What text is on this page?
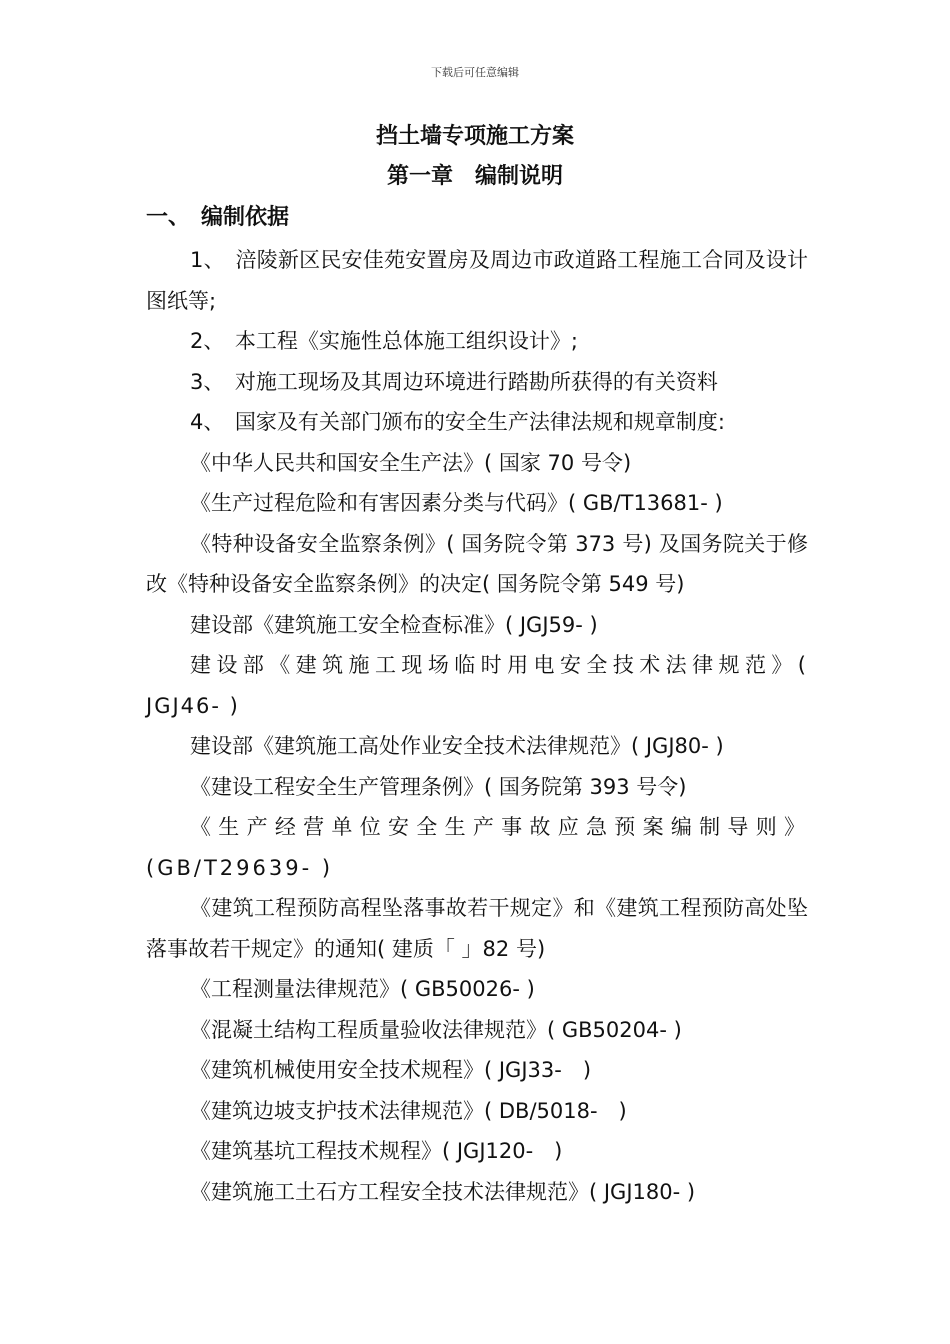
下载后可任意编辑
挡土墙专项施工方案
第一章　编制说明
一、　编制依据

1、　涪陵新区民安佳苑安置房及周边市政道路工程施工合同及设计图纸等;

2、　本工程《实施性总体施工组织设计》;

3、　对施工现场及其周边环境进行踏勘所获得的有关资料

4、　国家及有关部门颁布的安全生产法律法规和规章制度:

《中华人民共和国安全生产法》( 国家 70 号令)

《生产过程危险和有害因素分类与代码》( GB/T13681- )

《特种设备安全监察条例》( 国务院令第 373 号) 及国务院关于修改《特种设备安全监察条例》的决定( 国务院令第 549 号)

建设部《建筑施工安全检查标准》( JGJ59- )

建设部《建筑施工现场临时用电安全技术法律规范》( JGJ46- )

建设部《建筑施工高处作业安全技术法律规范》( JGJ80- )

《建设工程安全生产管理条例》( 国务院第 393 号令)

《生产经营单位安全生产事故应急预案编制导则》(GB/T29639- )

《建筑工程预防高程坠落事故若干规定》和《建筑工程预防高处坠落事故若干规定》的通知( 建质「 」82 号)

《工程测量法律规范》( GB50026- )

《混凝土结构工程质量验收法律规范》( GB50204- )

《建筑机械使用安全技术规程》( JGJ33-　)

《建筑边坡支护技术法律规范》( DB/5018-　)

《建筑基坑工程技术规程》( JGJ120-　)

《建筑施工土石方工程安全技术法律规范》( JGJ180- )
